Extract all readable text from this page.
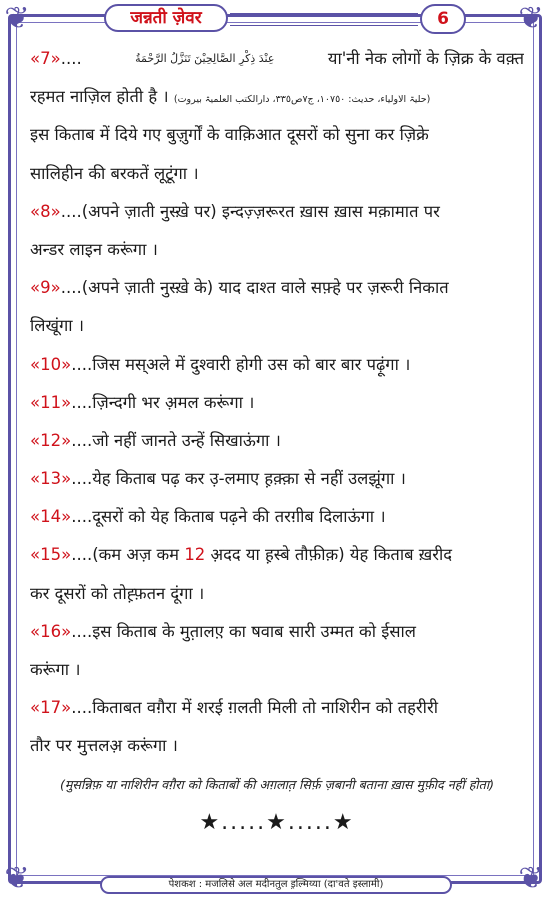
❦	❦
❦	❦
जन्नती ज़ेवर	6
«7»....	عِنْدَ ذِكْرِ الصَّالِحِيْنَ تَنَزَّلُ الرَّحْمَةُ	या'नी नेक लोगों के ज़िक्र के वक़्त
रहमत नाज़िल होती है । (حلیۃ الاولیاء، حدیث: ١٠٧٥٠، ج٧ص٣٣٥، دارالکتب العلمیۃ بیروت)
इस किताब में दिये गए बुज़ुर्गों के वाक़िआत दूसरों को सुना कर ज़िक्रे
सालिहीन की बरकतें लूटूंगा ।
«8»....(अपने ज़ाती नुस्ख़े पर) इन्दज़्ज़रूरत ख़ास ख़ास मक़ामात पर
अन्डर लाइन करूंगा ।
«9»....(अपने ज़ाती नुस्ख़े के) याद दाश्त वाले सफ़्हे पर ज़रूरी निकात
लिखूंगा ।
«10»....जिस मस्अले में दुश्वारी होगी उस को बार बार पढ़ूंगा ।
«11»....ज़िन्दगी भर अ़मल करूंगा ।
«12»....जो नहीं जानते उन्हें सिखाऊंगा ।
«13»....येह किताब पढ़ कर उ़-लमाए ह़क़्क़ा से नहीं उलझूंगा ।
«14»....दूसरों को येह किताब पढ़ने की तरग़ीब दिलाऊंगा ।
«15»....(कम अज़ कम 12 अ़दद या ह़स्बे तौफ़ीक़) येह किताब ख़रीद
कर दूसरों को तोह़्फ़तन दूंगा ।
«16»....इस किताब के मुत़ालए़ का षवाब सारी उम्मत को ईसाल
करूंगा ।
«17»....किताबत वग़ैरा में शरई ग़लती मिली तो नाशिरीन को तहरीरी
तौर पर मुत्तलअ़ करूंगा ।
(मुसन्निफ़ या नाशिरीन वग़ैरा को किताबों की अग़लात़ सिर्फ़ ज़बानी बताना ख़ास मुफ़ीद नहीं होता)
★.....★.....★
पेशकश : मजलिसे अल मदीनतुल इ़ल्मिय्या (दा'वते इस्लामी)
